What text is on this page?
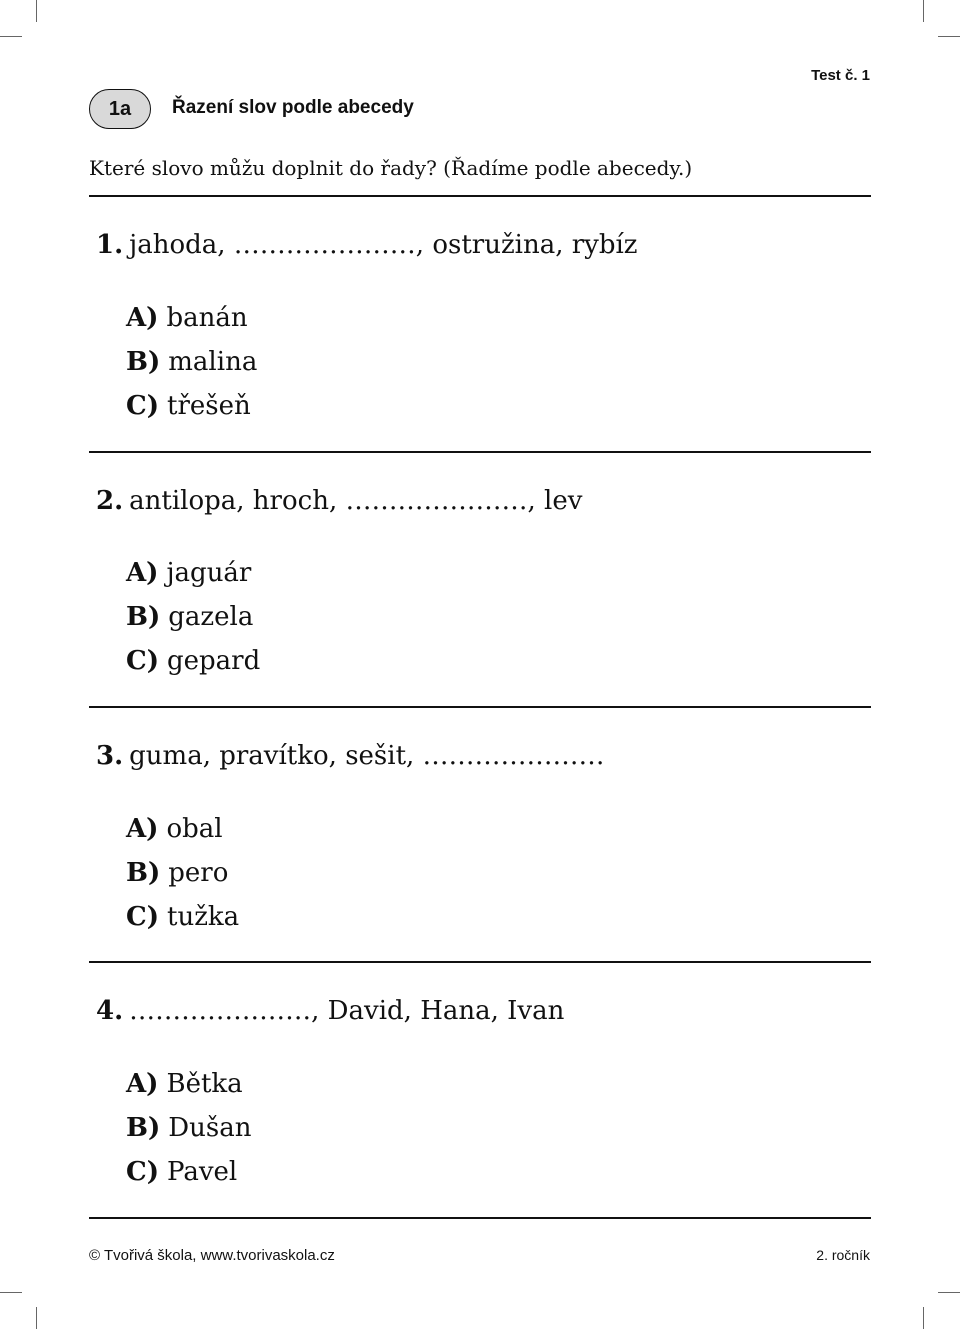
Test č. 1
1a	Řazení slov podle abecedy
Které slovo můžu doplnit do řady? (Řadíme podle abecedy.)
1. jahoda, …………………, ostružina, rybíz
A) banán
B) malina
C) třešeň
2. antilopa, hroch, …………………, lev
A) jaguár
B) gazela
C) gepard
3. guma, pravítko, sešit, …………………
A) obal
B) pero
C) tužka
4. …………………, David, Hana, Ivan
A) Bětka
B) Dušan
C) Pavel
© Tvořivá škola, www.tvorivaskola.cz	2. ročník
